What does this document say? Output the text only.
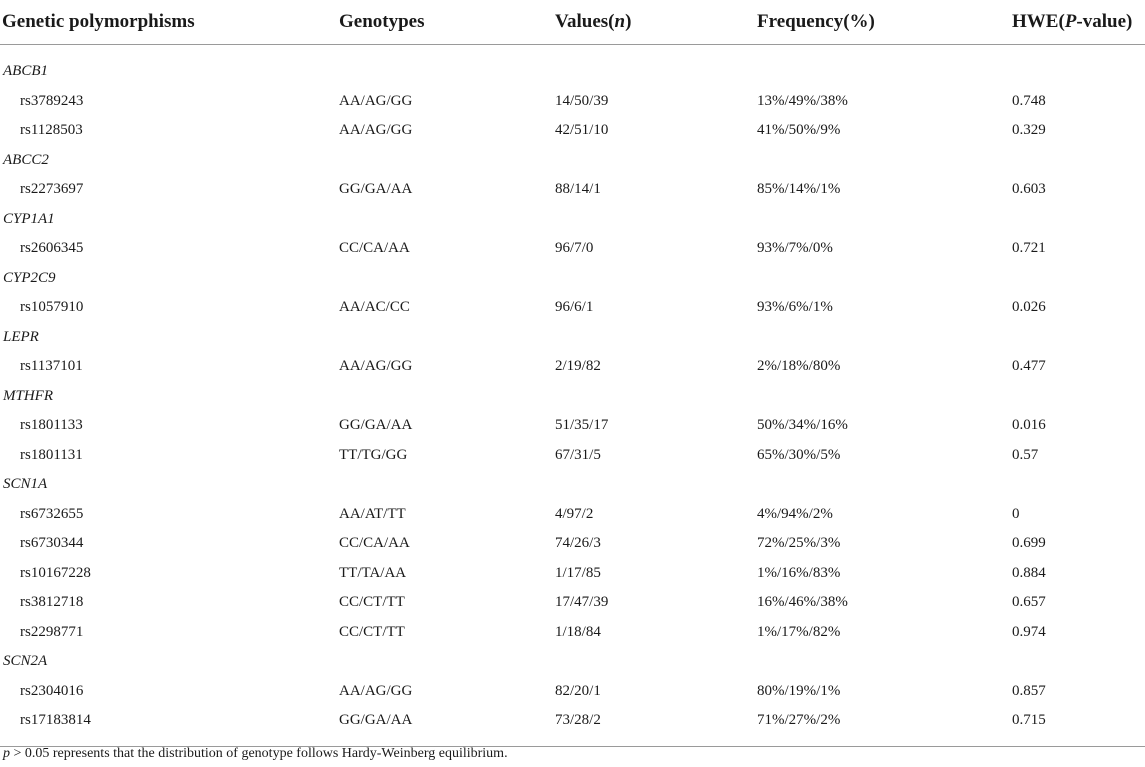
Genetic polymorphisms	Genotypes	Values(n)	Frequency(%)	HWE(P-value)
ABCB1				
rs3789243	AA/AG/GG	14/50/39	13%/49%/38%	0.748
rs1128503	AA/AG/GG	42/51/10	41%/50%/9%	0.329
ABCC2				
rs2273697	GG/GA/AA	88/14/1	85%/14%/1%	0.603
CYP1A1				
rs2606345	CC/CA/AA	96/7/0	93%/7%/0%	0.721
CYP2C9				
rs1057910	AA/AC/CC	96/6/1	93%/6%/1%	0.026
LEPR				
rs1137101	AA/AG/GG	2/19/82	2%/18%/80%	0.477
MTHFR				
rs1801133	GG/GA/AA	51/35/17	50%/34%/16%	0.016
rs1801131	TT/TG/GG	67/31/5	65%/30%/5%	0.57
SCN1A				
rs6732655	AA/AT/TT	4/97/2	4%/94%/2%	0
rs6730344	CC/CA/AA	74/26/3	72%/25%/3%	0.699
rs10167228	TT/TA/AA	1/17/85	1%/16%/83%	0.884
rs3812718	CC/CT/TT	17/47/39	16%/46%/38%	0.657
rs2298771	CC/CT/TT	1/18/84	1%/17%/82%	0.974
SCN2A				
rs2304016	AA/AG/GG	82/20/1	80%/19%/1%	0.857
rs17183814	GG/GA/AA	73/28/2	71%/27%/2%	0.715
p > 0.05 represents that the distribution of genotype follows Hardy-Weinberg equilibrium.
